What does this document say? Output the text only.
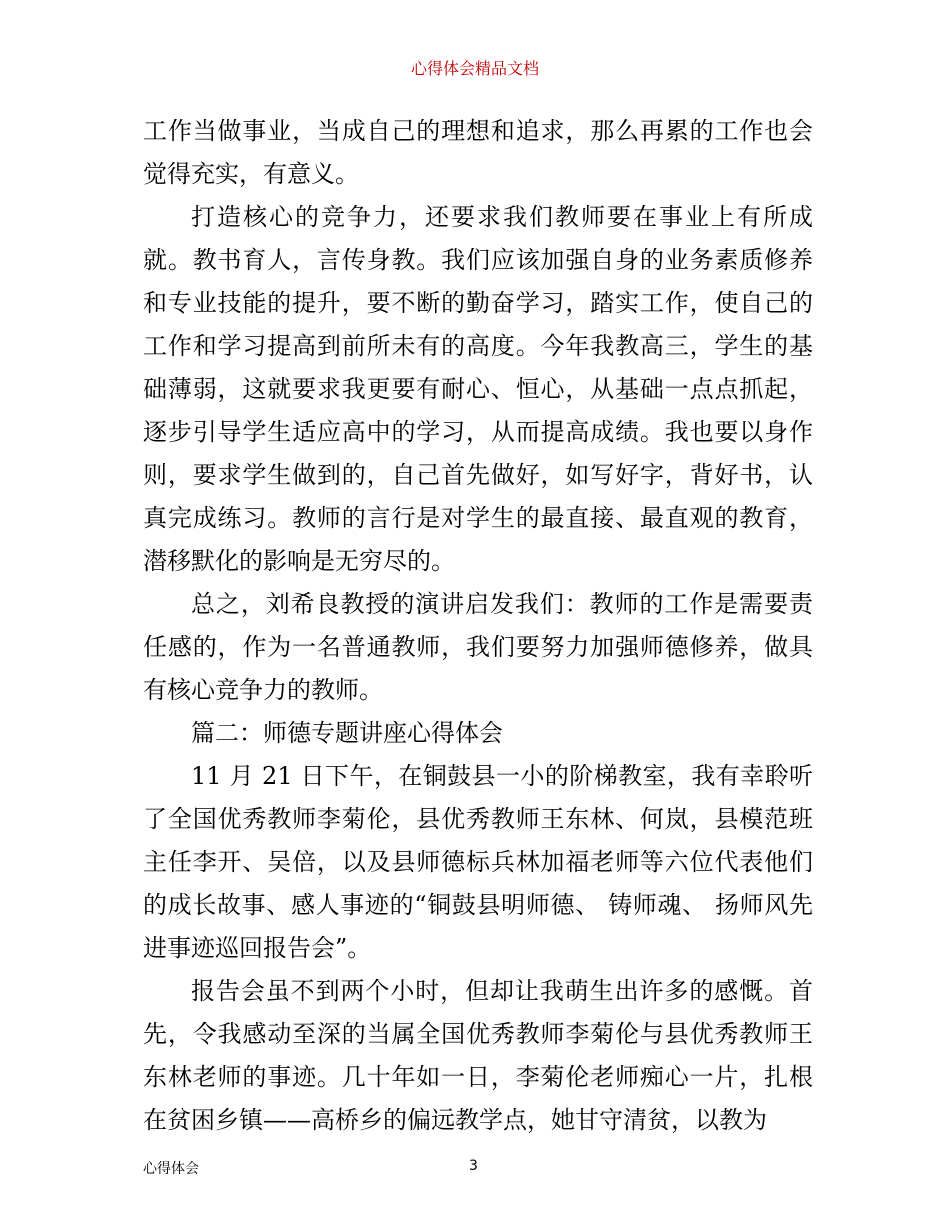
心得体会精品文档

工作当做事业，当成自己的理想和追求，那么再累的工作也会觉得充实，有意义。

打造核心的竞争力，还要求我们教师要在事业上有所成就。教书育人，言传身教。我们应该加强自身的业务素质修养和专业技能的提升，要不断的勤奋学习，踏实工作，使自己的工作和学习提高到前所未有的高度。今年我教高三，学生的基础薄弱，这就要求我更要有耐心、恒心，从基础一点点抓起，逐步引导学生适应高中的学习，从而提高成绩。我也要以身作则，要求学生做到的，自己首先做好，如写好字，背好书，认真完成练习。教师的言行是对学生的最直接、最直观的教育，潜移默化的影响是无穷尽的。

总之，刘希良教授的演讲启发我们：教师的工作是需要责任感的，作为一名普通教师，我们要努力加强师德修养，做具有核心竞争力的教师。

篇二：师德专题讲座心得体会

11 月 21 日下午，在铜鼓县一小的阶梯教室，我有幸聆听了全国优秀教师李菊伦，县优秀教师王东林、何岚，县模范班主任李开、吴倍，以及县师德标兵林加福老师等六位代表他们的成长故事、感人事迹的“铜鼓县明师德、 铸师魂、 扬师风先进事迹巡回报告会”。

报告会虽不到两个小时，但却让我萌生出许多的感慨。首先，令我感动至深的当属全国优秀教师李菊伦与县优秀教师王东林老师的事迹。几十年如一日，李菊伦老师痴心一片，扎根在贫困乡镇——高桥乡的偏远教学点，她甘守清贫，以教为

心得体会	3
